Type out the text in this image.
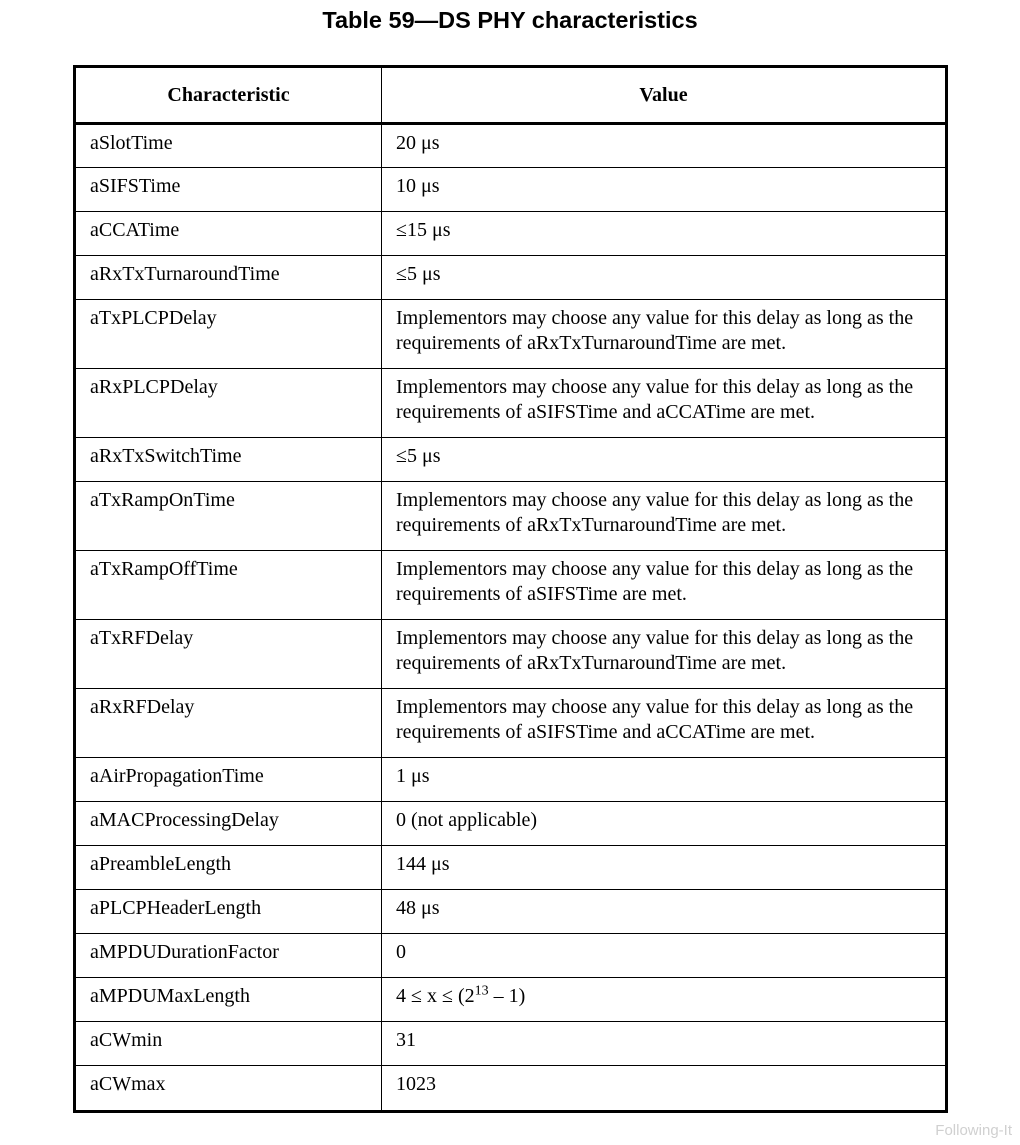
Table 59—DS PHY characteristics
Characteristic	Value
aSlotTime	20 μs
aSIFSTime	10 μs
aCCATime	≤15 μs
aRxTxTurnaroundTime	≤5 μs
aTxPLCPDelay	Implementors may choose any value for this delay as long as the requirements of aRxTxTurnaroundTime are met.
aRxPLCPDelay	Implementors may choose any value for this delay as long as the requirements of aSIFSTime and aCCATime are met.
aRxTxSwitchTime	≤5 μs
aTxRampOnTime	Implementors may choose any value for this delay as long as the requirements of aRxTxTurnaroundTime are met.
aTxRampOffTime	Implementors may choose any value for this delay as long as the requirements of aSIFSTime are met.
aTxRFDelay	Implementors may choose any value for this delay as long as the requirements of aRxTxTurnaroundTime are met.
aRxRFDelay	Implementors may choose any value for this delay as long as the requirements of aSIFSTime and aCCATime are met.
aAirPropagationTime	1 μs
aMACProcessingDelay	0 (not applicable)
aPreambleLength	144 μs
aPLCPHeaderLength	48 μs
aMPDUDurationFactor	0
aMPDUMaxLength	$4 \le x \le (2^{13} - 1)$
aCWmin	31
aCWmax	1023
Following-It
